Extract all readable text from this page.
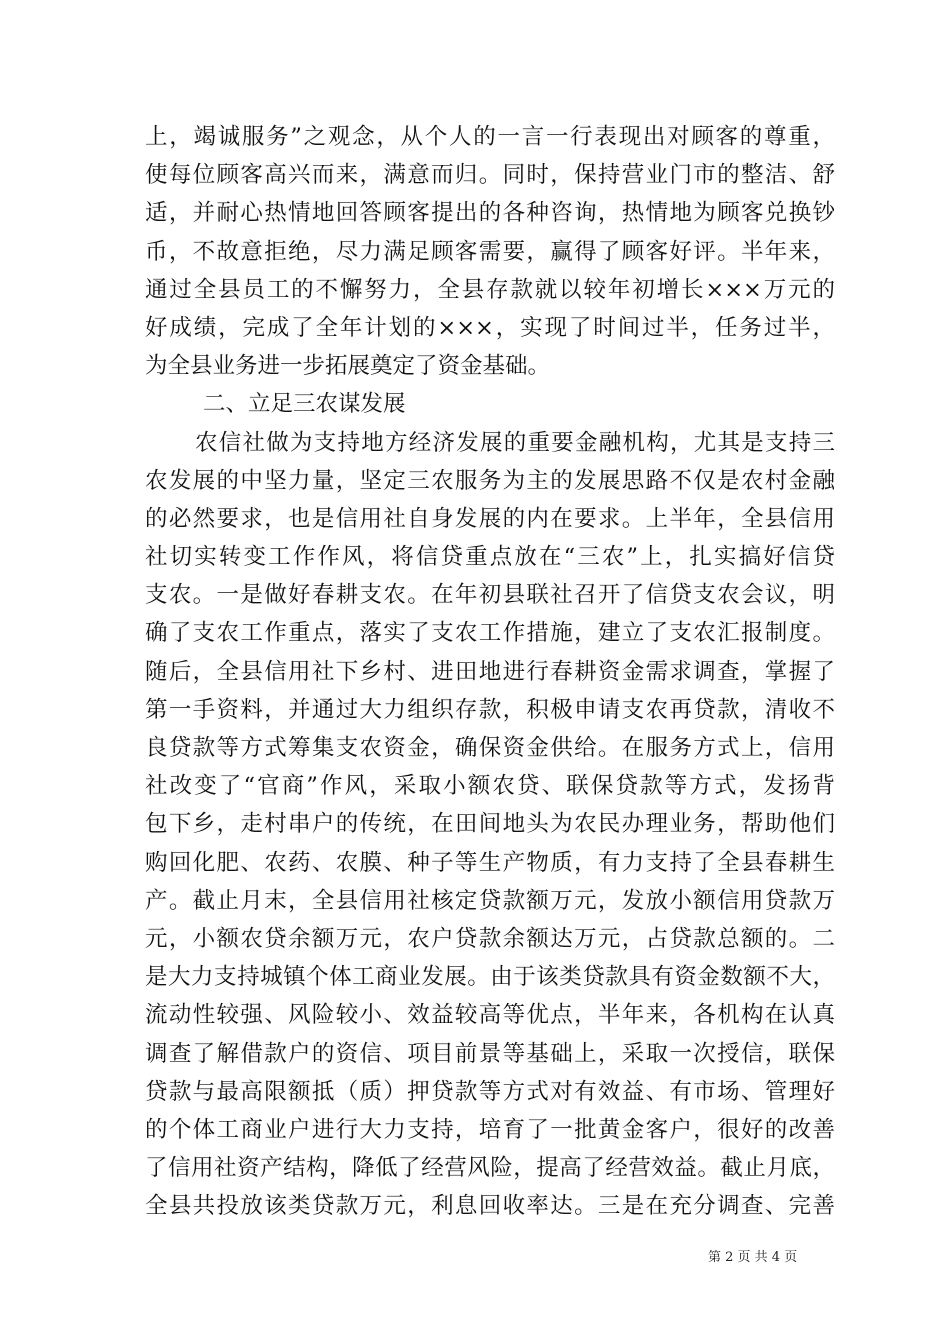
上，竭诚服务”之观念，从个人的一言一行表现出对顾客的尊重，
使每位顾客高兴而来，满意而归。同时，保持营业门市的整洁、舒
适，并耐心热情地回答顾客提出的各种咨询，热情地为顾客兑换钞
币，不故意拒绝，尽力满足顾客需要，赢得了顾客好评。半年来，
通过全县员工的不懈努力，全县存款就以较年初增长×××万元的
好成绩，完成了全年计划的×××，实现了时间过半，任务过半，
为全县业务进一步拓展奠定了资金基础。
二、立足三农谋发展
农信社做为支持地方经济发展的重要金融机构，尤其是支持三
农发展的中坚力量，坚定三农服务为主的发展思路不仅是农村金融
的必然要求，也是信用社自身发展的内在要求。上半年，全县信用
社切实转变工作作风，将信贷重点放在“三农”上，扎实搞好信贷
支农。一是做好春耕支农。在年初县联社召开了信贷支农会议，明
确了支农工作重点，落实了支农工作措施，建立了支农汇报制度。
随后，全县信用社下乡村、进田地进行春耕资金需求调查，掌握了
第一手资料，并通过大力组织存款，积极申请支农再贷款，清收不
良贷款等方式筹集支农资金，确保资金供给。在服务方式上，信用
社改变了“官商”作风，采取小额农贷、联保贷款等方式，发扬背
包下乡，走村串户的传统，在田间地头为农民办理业务，帮助他们
购回化肥、农药、农膜、种子等生产物质，有力支持了全县春耕生
产。截止月末，全县信用社核定贷款额万元，发放小额信用贷款万
元，小额农贷余额万元，农户贷款余额达万元，占贷款总额的。二
是大力支持城镇个体工商业发展。由于该类贷款具有资金数额不大，
流动性较强、风险较小、效益较高等优点，半年来，各机构在认真
调查了解借款户的资信、项目前景等基础上，采取一次授信，联保
贷款与最高限额抵（质）押贷款等方式对有效益、有市场、管理好
的个体工商业户进行大力支持，培育了一批黄金客户，很好的改善
了信用社资产结构，降低了经营风险，提高了经营效益。截止月底，
全县共投放该类贷款万元，利息回收率达。三是在充分调查、完善
第 2 页 共 4 页
